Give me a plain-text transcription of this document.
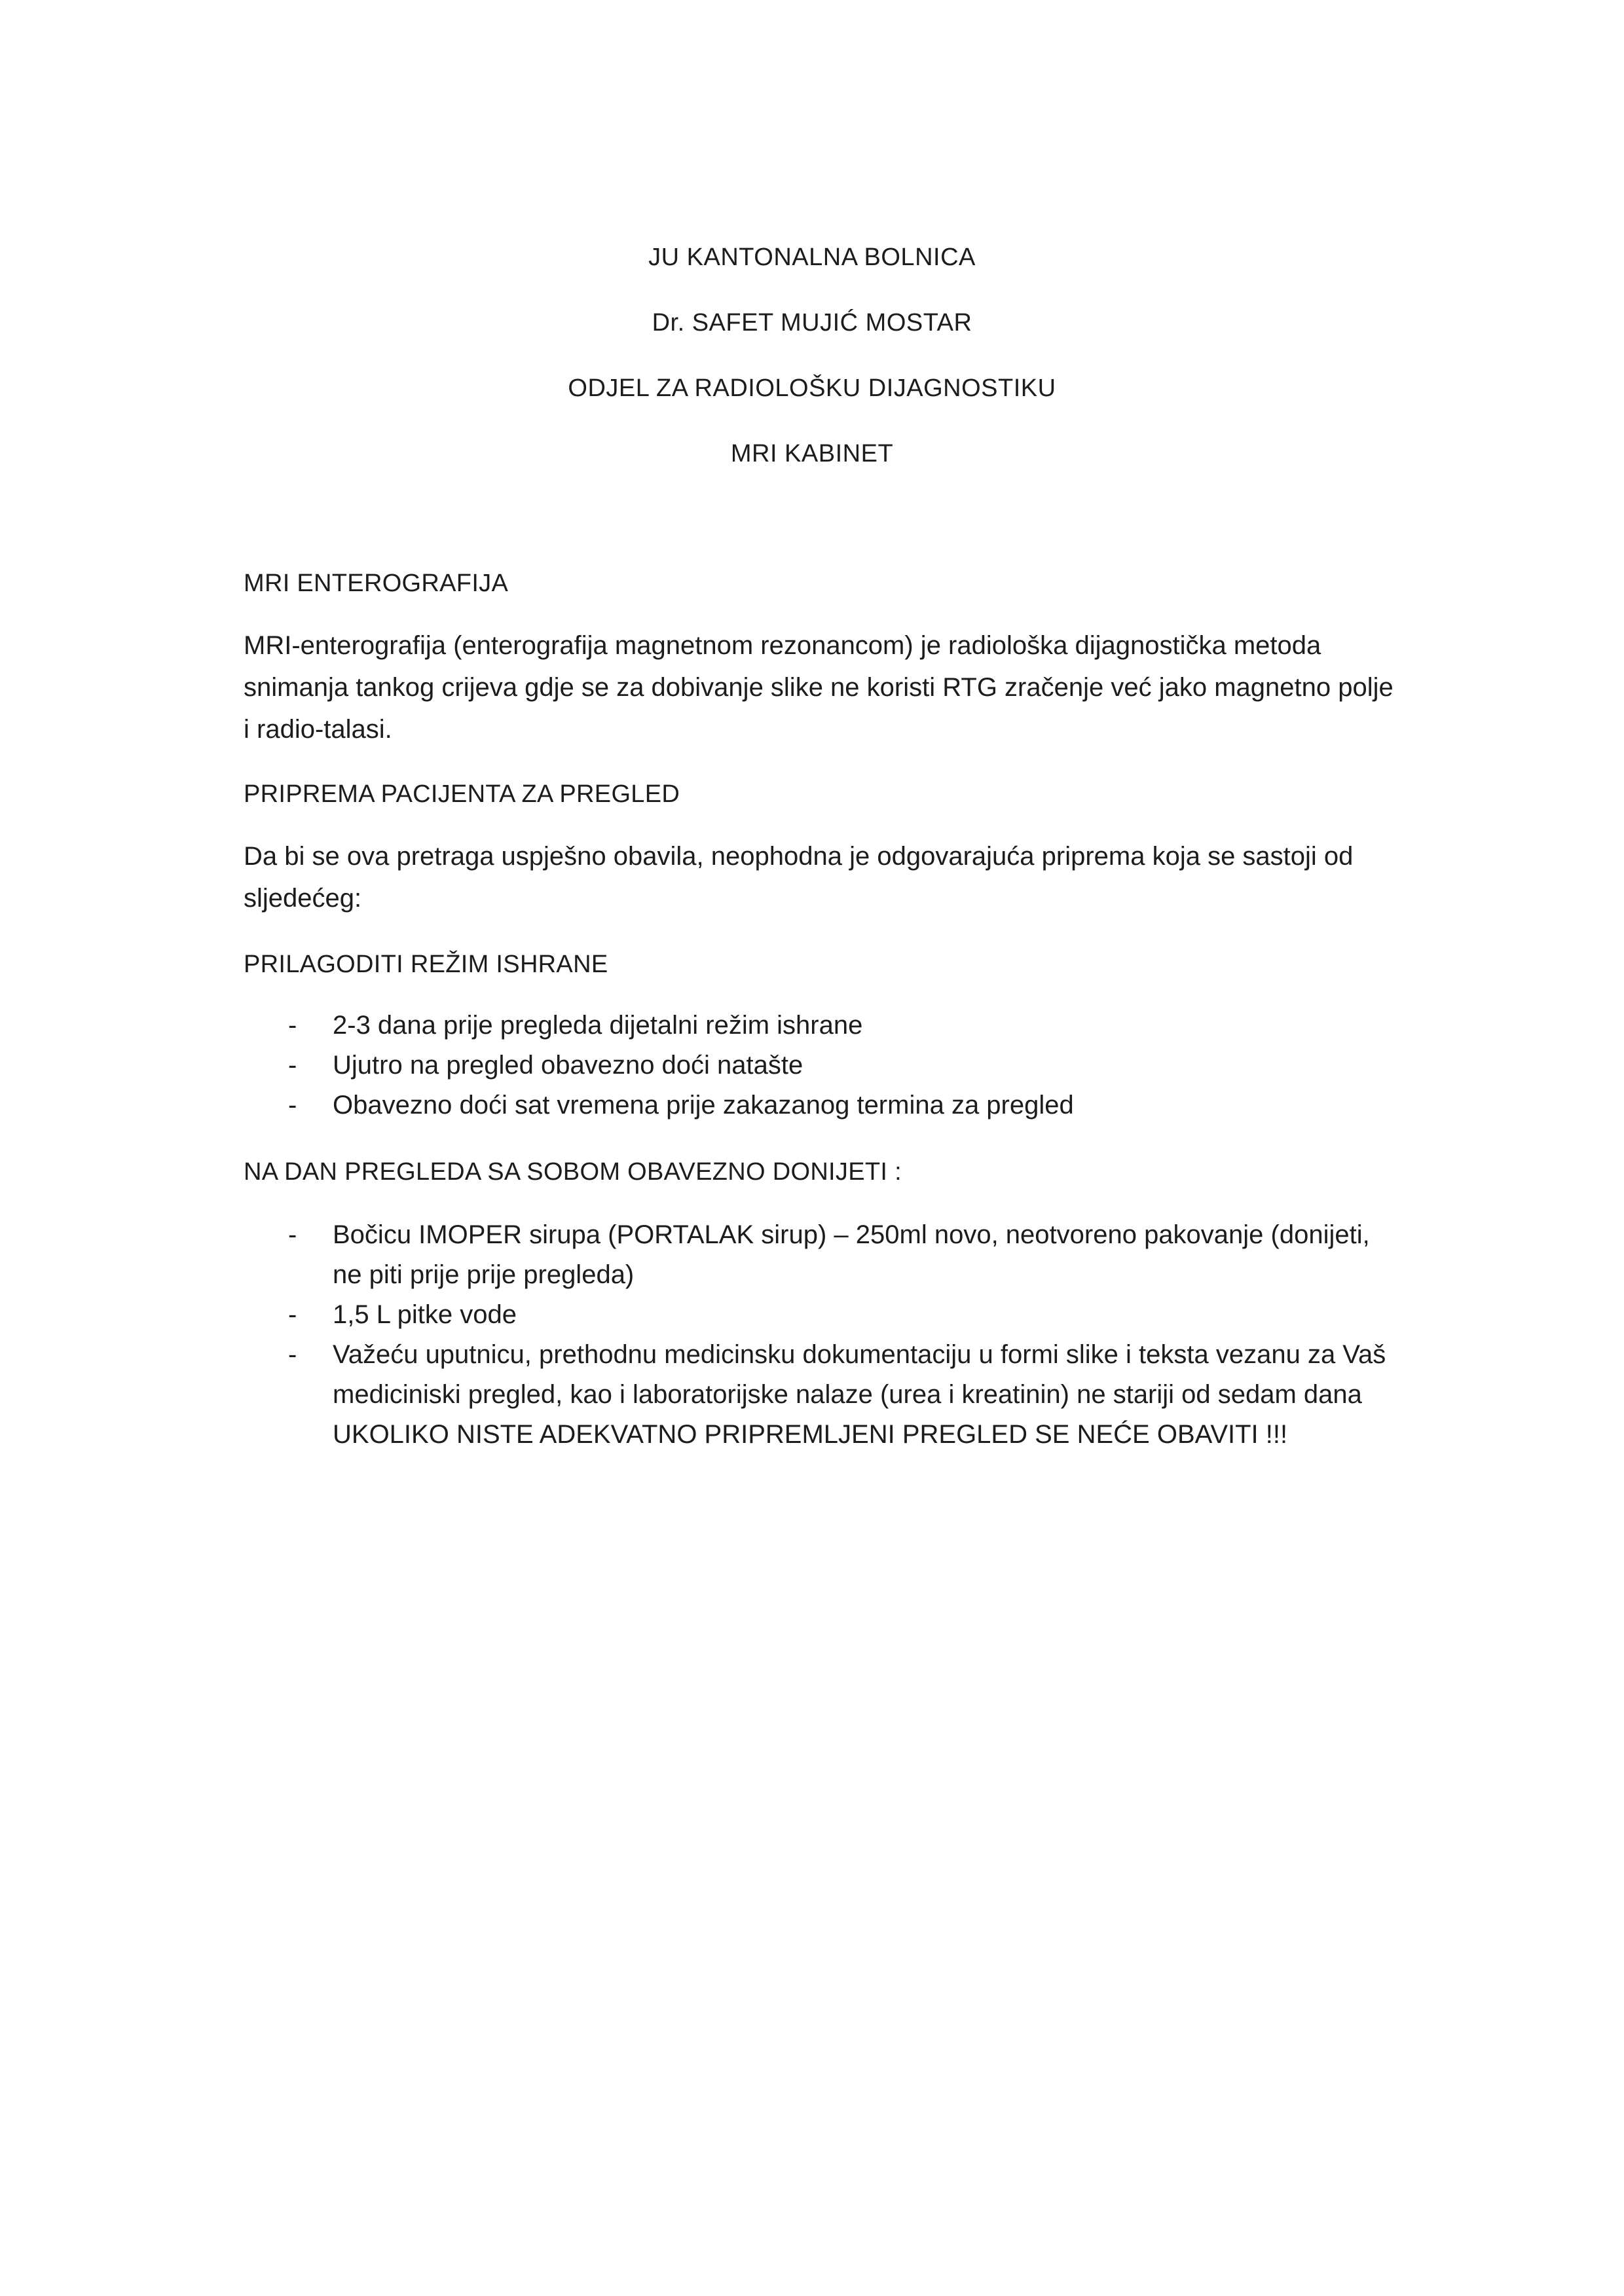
JU KANTONALNA BOLNICA
Dr. SAFET MUJIĆ MOSTAR
ODJEL ZA RADIOLOŠKU DIJAGNOSTIKU
MRI KABINET
MRI ENTEROGRAFIJA
MRI-enterografija (enterografija magnetnom rezonancom) je radiološka dijagnostička metoda snimanja tankog crijeva gdje se za dobivanje slike ne koristi RTG zračenje već jako magnetno polje i radio-talasi.
PRIPREMA PACIJENTA ZA PREGLED
Da bi se ova pretraga uspješno obavila, neophodna je odgovarajuća priprema koja se sastoji od sljedećeg:
PRILAGODITI REŽIM ISHRANE
- 2-3 dana prije pregleda dijetalni režim ishrane
- Ujutro na pregled obavezno doći natašte
- Obavezno doći sat vremena prije zakazanog termina za pregled
NA DAN PREGLEDA SA SOBOM OBAVEZNO DONIJETI :
- Bočicu IMOPER sirupa (PORTALAK sirup) – 250ml novo, neotvoreno pakovanje (donijeti, ne piti prije prije pregleda)
- 1,5 L pitke vode
- Važeću uputnicu, prethodnu medicinsku dokumentaciju u formi slike i teksta vezanu za Vaš mediciniski pregled, kao i laboratorijske nalaze (urea i kreatinin) ne stariji od sedam dana UKOLIKO NISTE ADEKVATNO PRIPREMLJENI PREGLED SE NEĆE OBAVITI !!!
